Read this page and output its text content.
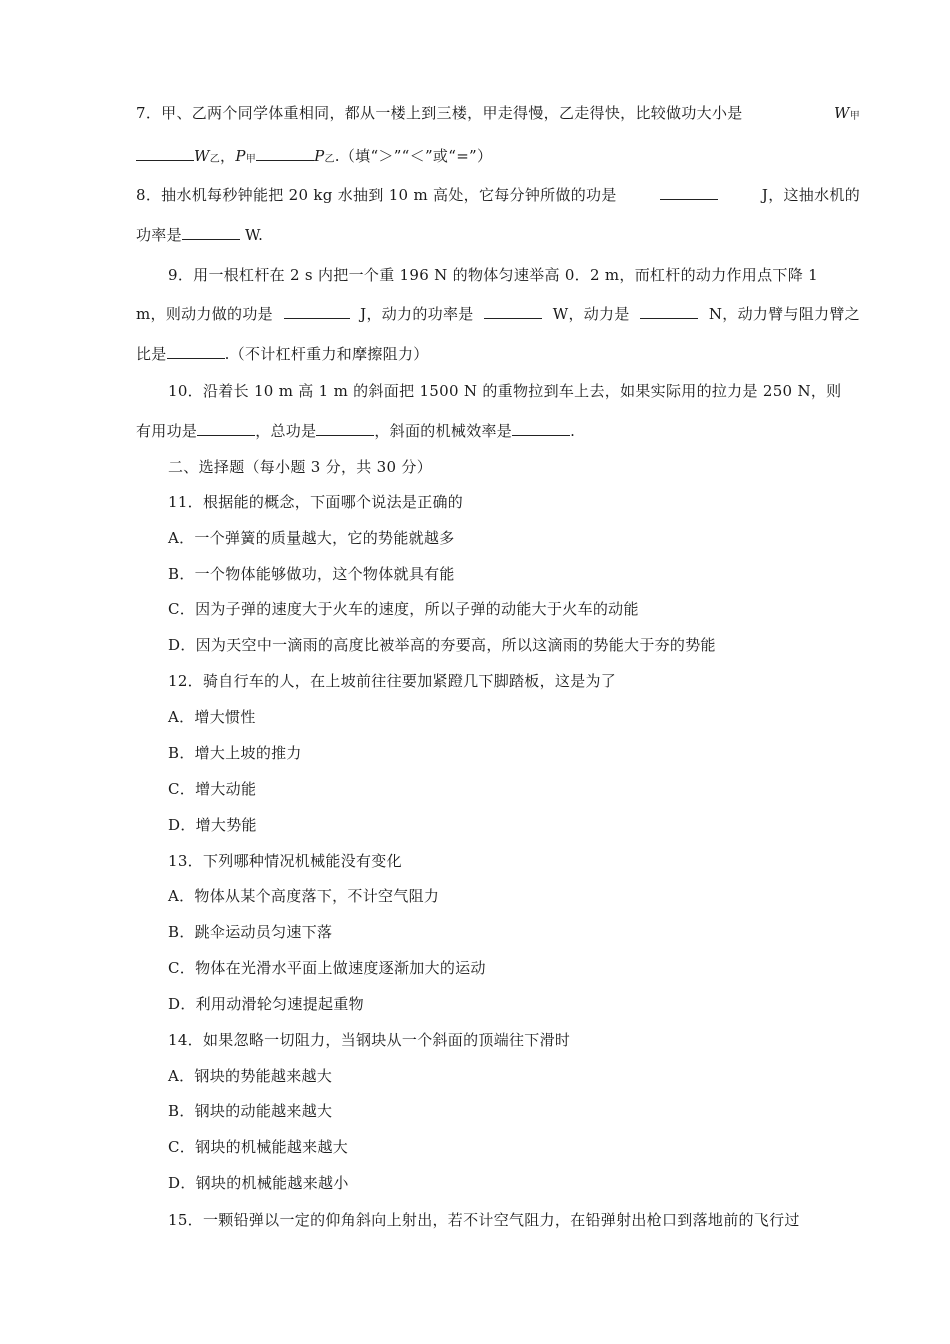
7．甲、乙两个同学体重相同，都从一楼上到三楼，甲走得慢，乙走得快，比较做功大小是	W甲
W乙，P甲	P乙.（填“＞”“＜”或“=”）
8．抽水机每秒钟能把 20 kg 水抽到 10 m 高处，它每分钟所做的功是	J，这抽水机的
功率是	W.
9．用一根杠杆在 2 s 内把一个重 196 N 的物体匀速举高 0．2 m，而杠杆的动力作用点下降 1
m，则动力做的功是	J，动力的功率是	W，动力是	N，动力臂与阻力臂之
比是	.（不计杠杆重力和摩擦阻力）
10．沿着长 10 m 高 1 m 的斜面把 1500 N 的重物拉到车上去，如果实际用的拉力是 250 N，则
有用功是	，总功是	，斜面的机械效率是	.
二、选择题（每小题 3 分，共 30 分）
11．根据能的概念，下面哪个说法是正确的
A．一个弹簧的质量越大，它的势能就越多
B．一个物体能够做功，这个物体就具有能
C．因为子弹的速度大于火车的速度，所以子弹的动能大于火车的动能
D．因为天空中一滴雨的高度比被举高的夯要高，所以这滴雨的势能大于夯的势能
12．骑自行车的人，在上坡前往往要加紧蹬几下脚踏板，这是为了
A．增大惯性
B．增大上坡的推力
C．增大动能
D．增大势能
13．下列哪种情况机械能没有变化
A．物体从某个高度落下，不计空气阻力
B．跳伞运动员匀速下落
C．物体在光滑水平面上做速度逐渐加大的运动
D．利用动滑轮匀速提起重物
14．如果忽略一切阻力，当钢块从一个斜面的顶端往下滑时
A．钢块的势能越来越大
B．钢块的动能越来越大
C．钢块的机械能越来越大
D．钢块的机械能越来越小
15．一颗铅弹以一定的仰角斜向上射出，若不计空气阻力，在铅弹射出枪口到落地前的飞行过
